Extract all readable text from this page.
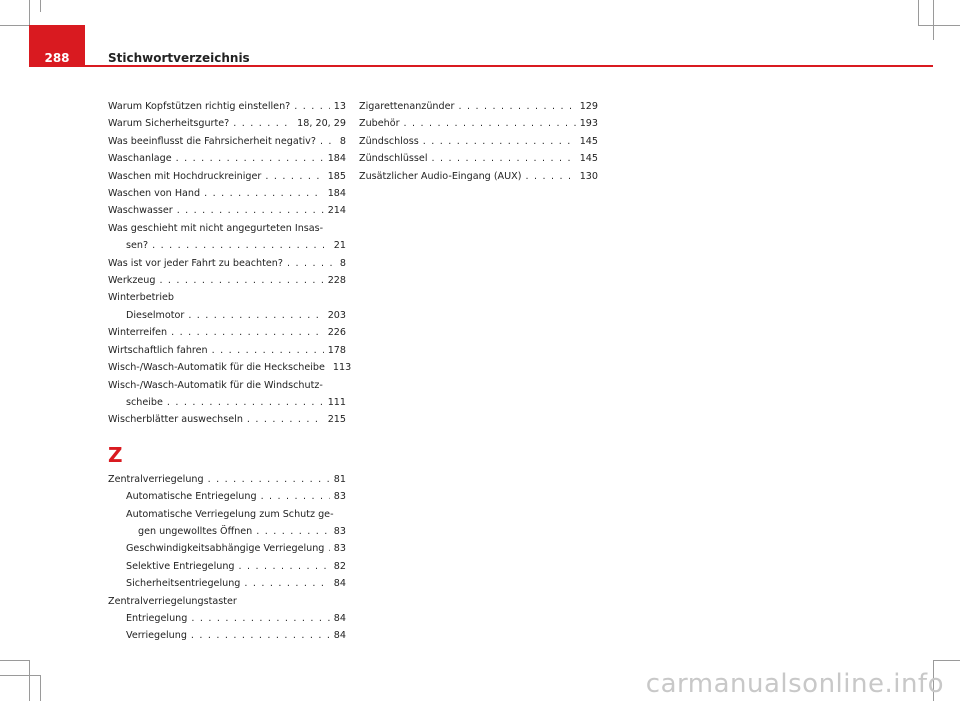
288	Stichwortverzeichnis
Warum Kopfstützen richtig einstellen? . . .	13
Warum Sicherheitsgurte? . . .	18, 20, 29
Was beeinflusst die Fahrsicherheit negativ? . . . 8
Waschanlage . . .	184
Waschen mit Hochdruckreiniger . . .	185
Waschen von Hand . . .	184
Waschwasser . . .	214
Was geschieht mit nicht angegurteten Insas-
sen? . . .	21
Was ist vor jeder Fahrt zu beachten? . . .	8
Werkzeug . . .	228
Winterbetrieb
Dieselmotor . . .	203
Winterreifen . . .	226
Wirtschaftlich fahren . . .	178
Wisch-/Wasch-Automatik für die Heckscheibe 113
Wisch-/Wasch-Automatik für die Windschutz-
scheibe . . .	111
Wischerblätter auswechseln . . .	215
Z
Zentralverriegelung . . .	81
Automatische Entriegelung . . .	83
Automatische Verriegelung zum Schutz ge-
gen ungewolltes Öffnen . . .	83
Geschwindigkeitsabhängige Verriegelung . . . 83
Selektive Entriegelung . . .	82
Sicherheitsentriegelung . . .	84
Zentralverriegelungstaster
Entriegelung . . .	84
Verriegelung . . .	84
Zigarettenanzünder . . .	129
Zubehör . . .	193
Zündschloss . . .	145
Zündschlüssel . . .	145
Zusätzlicher Audio-Eingang (AUX) . . .	130
carmanualsonline.info
